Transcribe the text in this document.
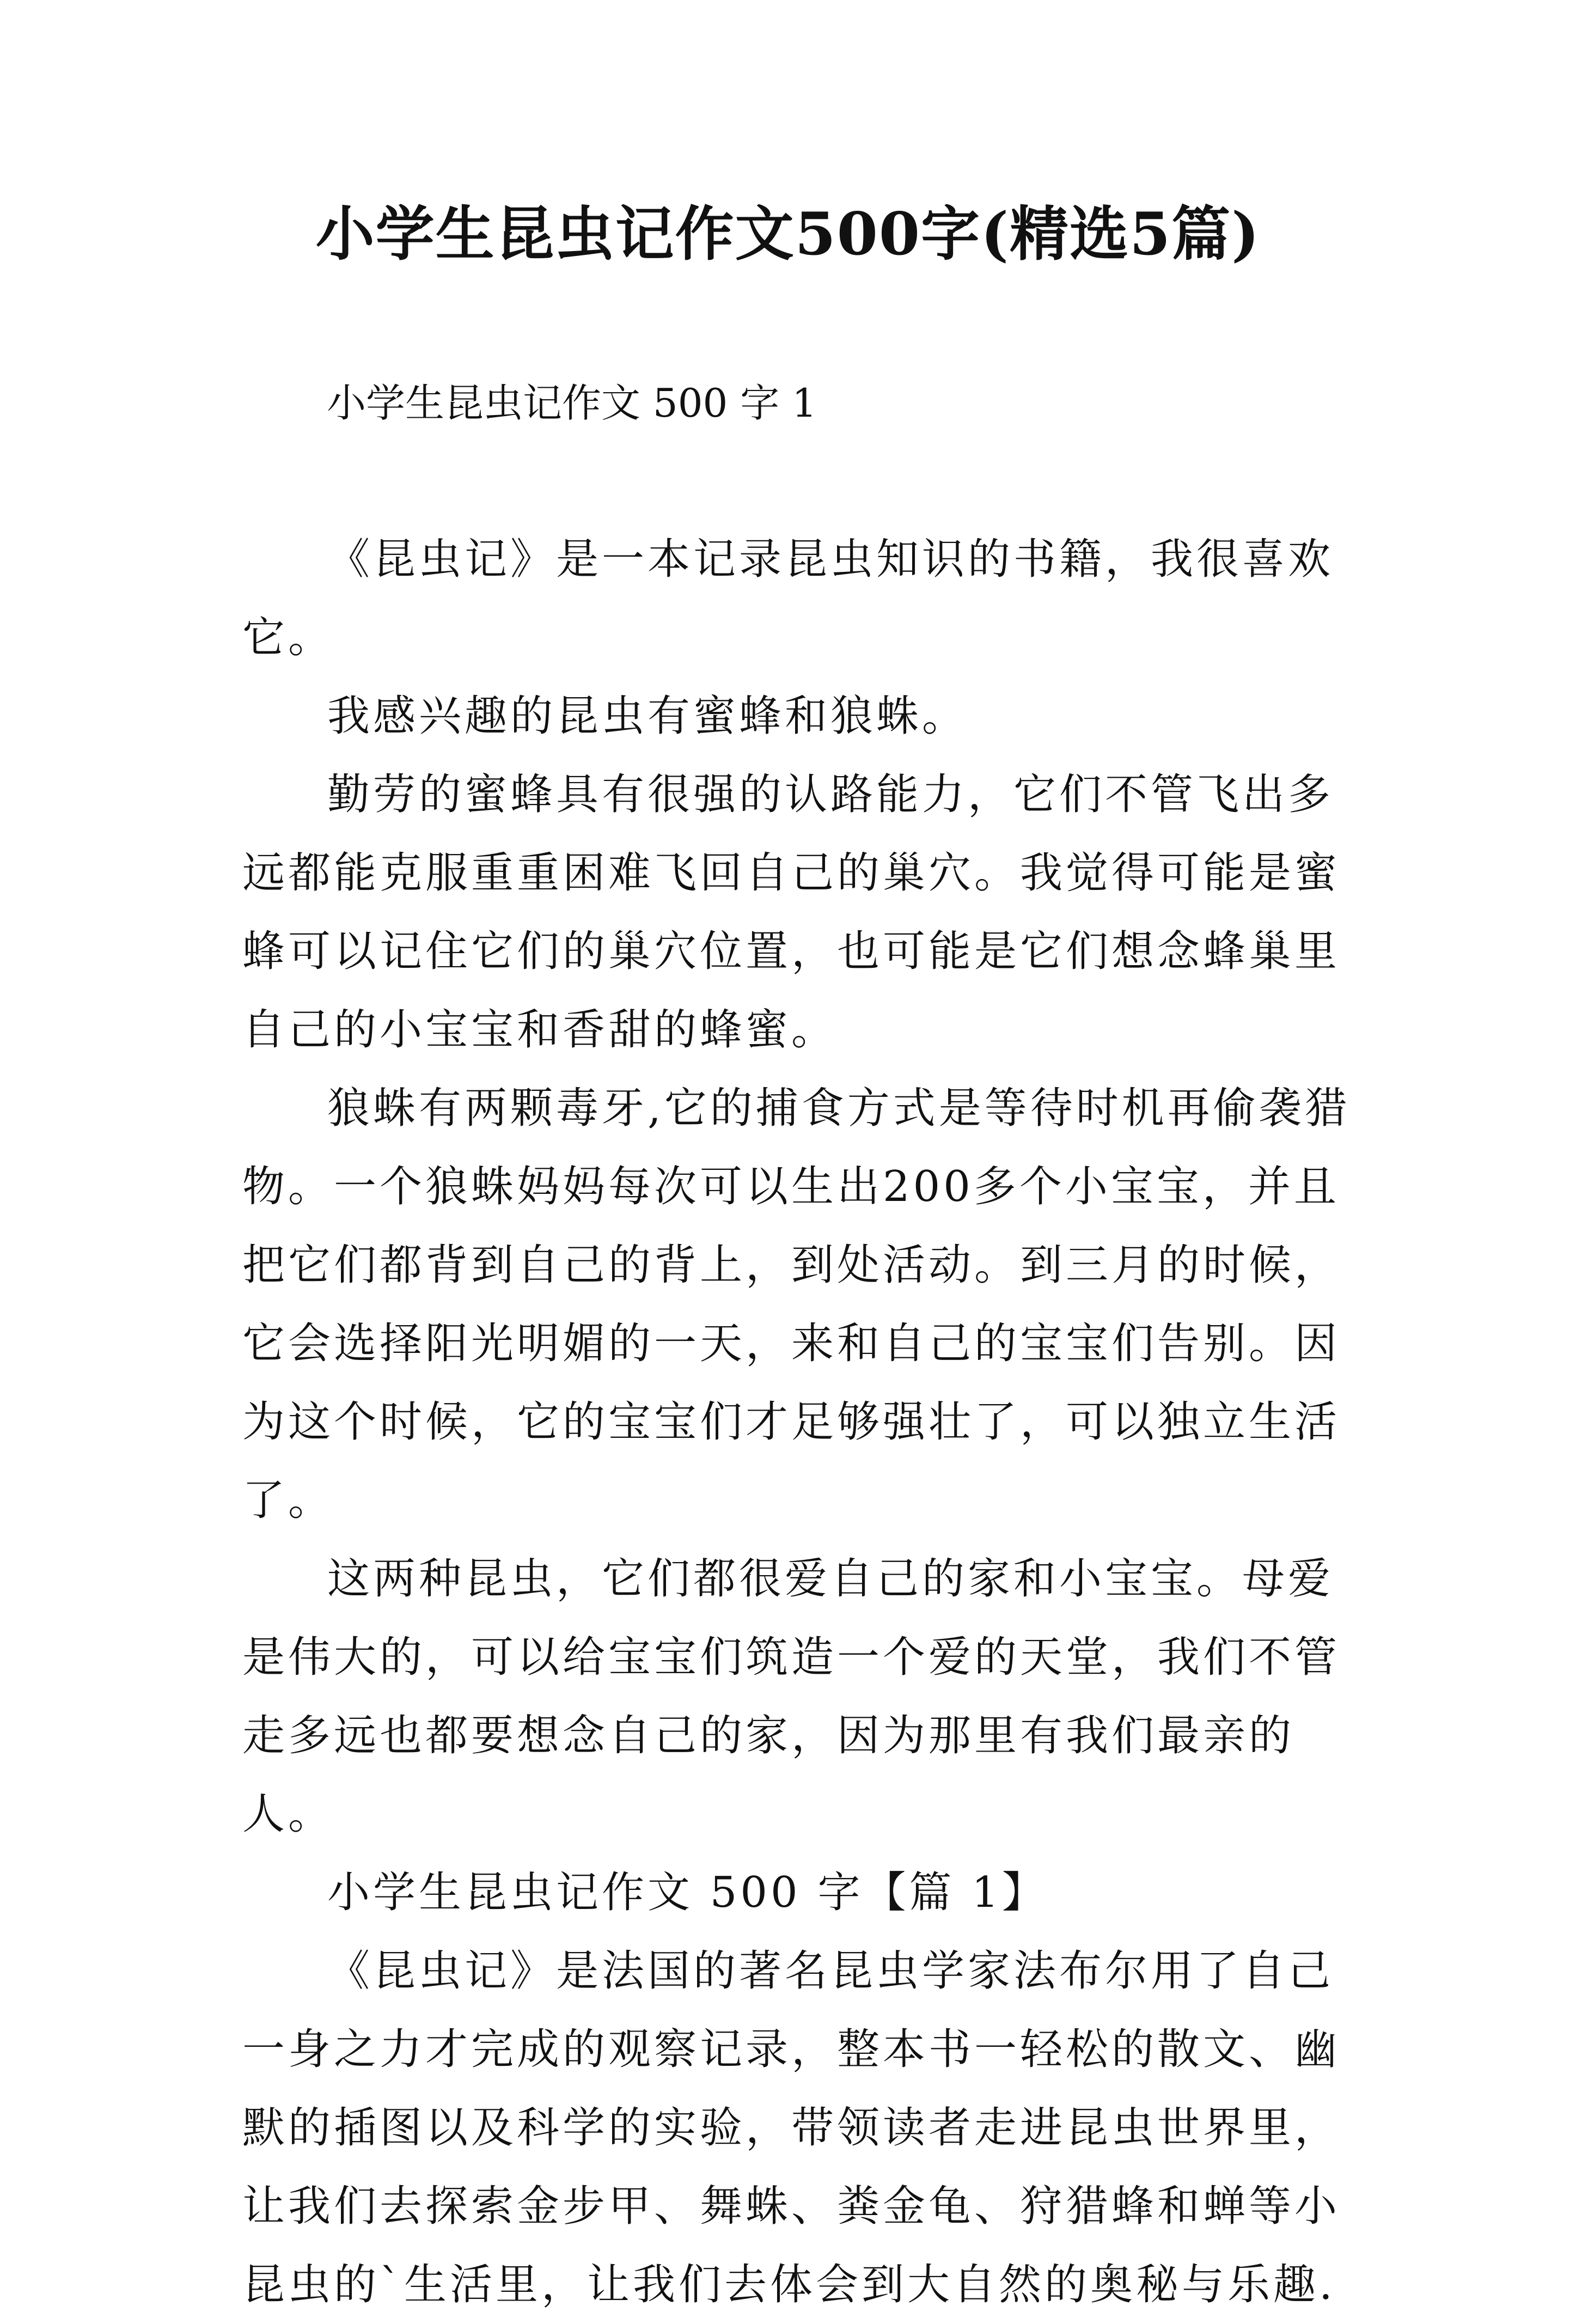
小学生昆虫记作文500字(精选5篇)
小学生昆虫记作文 500 字 1

《昆虫记》是一本记录昆虫知识的书籍，我很喜欢它。

我感兴趣的昆虫有蜜蜂和狼蛛。

勤劳的蜜蜂具有很强的认路能力，它们不管飞出多远都能克服重重困难飞回自己的巢穴。我觉得可能是蜜蜂可以记住它们的巢穴位置，也可能是它们想念蜂巢里自己的小宝宝和香甜的蜂蜜。

狼蛛有两颗毒牙,它的捕食方式是等待时机再偷袭猎物。一个狼蛛妈妈每次可以生出200多个小宝宝，并且把它们都背到自己的背上，到处活动。到三月的时候，它会选择阳光明媚的一天，来和自己的宝宝们告别。因为这个时候，它的宝宝们才足够强壮了，可以独立生活了。

这两种昆虫，它们都很爱自己的家和小宝宝。母爱是伟大的，可以给宝宝们筑造一个爱的天堂，我们不管走多远也都要想念自己的家，因为那里有我们最亲的人。

小学生昆虫记作文 500 字【篇 1】

《昆虫记》是法国的著名昆虫学家法布尔用了自己一身之力才完成的观察记录，整本书一轻松的散文、幽默的插图以及科学的实验，带领读者走进昆虫世界里，让我们去探索金步甲、舞蛛、粪金龟、狩猎蜂和蝉等小昆虫的`生活里，让我们去体会到大自然的奥秘与乐趣.
